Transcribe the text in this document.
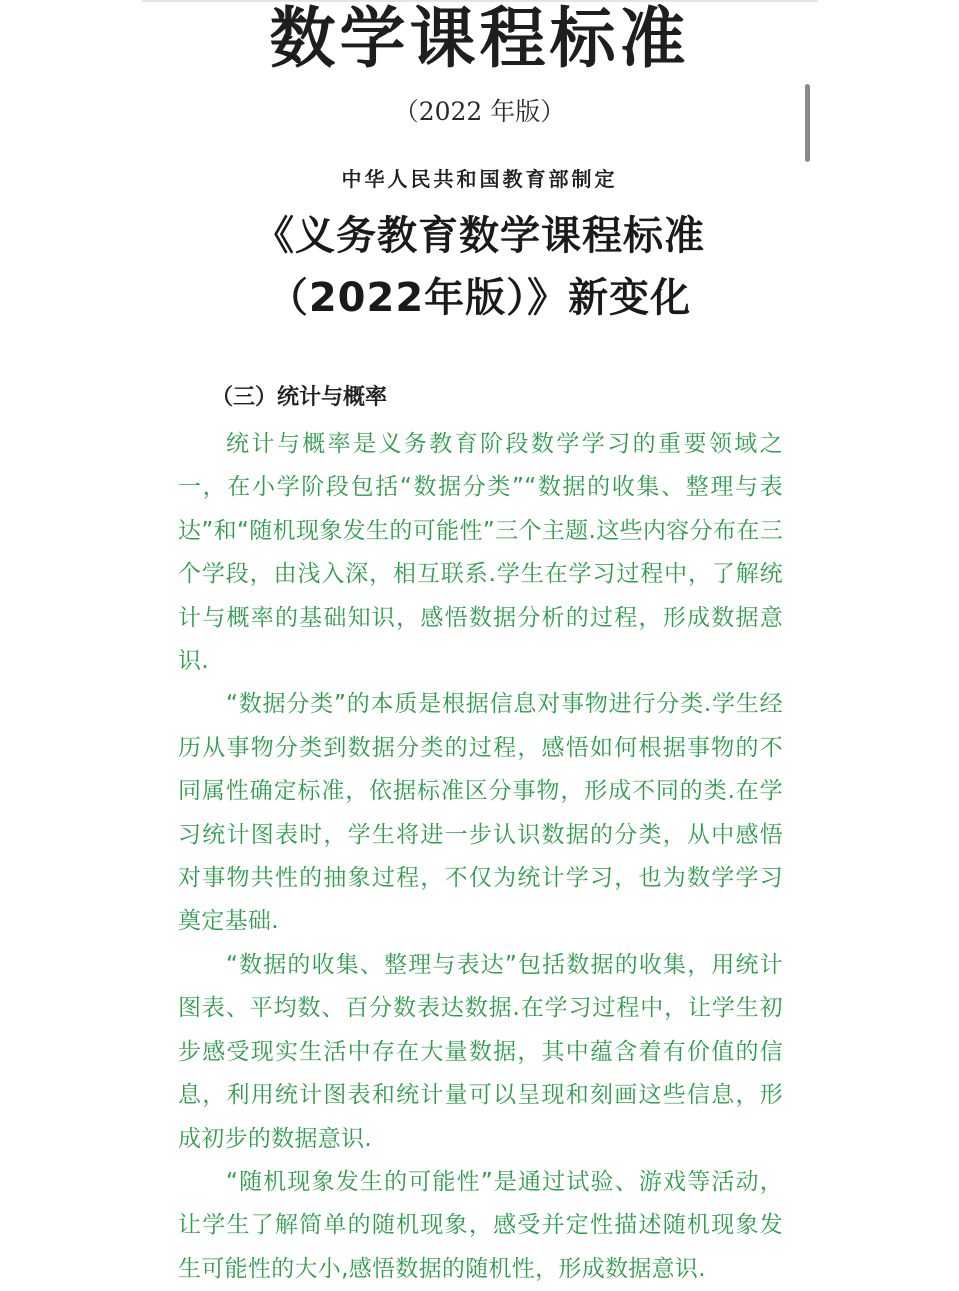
数学课程标准
（2022 年版）
中华人民共和国教育部制定
《义务教育数学课程标准
（2022年版）》新变化
（三）统计与概率

统计与概率是义务教育阶段数学学习的重要领域之一，在小学阶段包括“数据分类”“数据的收集、整理与表达”和“随机现象发生的可能性”三个主题.这些内容分布在三个学段，由浅入深，相互联系.学生在学习过程中，了解统计与概率的基础知识，感悟数据分析的过程，形成数据意识.

“数据分类”的本质是根据信息对事物进行分类.学生经历从事物分类到数据分类的过程，感悟如何根据事物的不同属性确定标准，依据标准区分事物，形成不同的类.在学习统计图表时，学生将进一步认识数据的分类，从中感悟对事物共性的抽象过程，不仅为统计学习，也为数学学习奠定基础.

“数据的收集、整理与表达”包括数据的收集，用统计图表、平均数、百分数表达数据.在学习过程中，让学生初步感受现实生活中存在大量数据，其中蕴含着有价值的信息，利用统计图表和统计量可以呈现和刻画这些信息，形成初步的数据意识.

“随机现象发生的可能性”是通过试验、游戏等活动，让学生了解简单的随机现象，感受并定性描述随机现象发生可能性的大小,感悟数据的随机性，形成数据意识.
